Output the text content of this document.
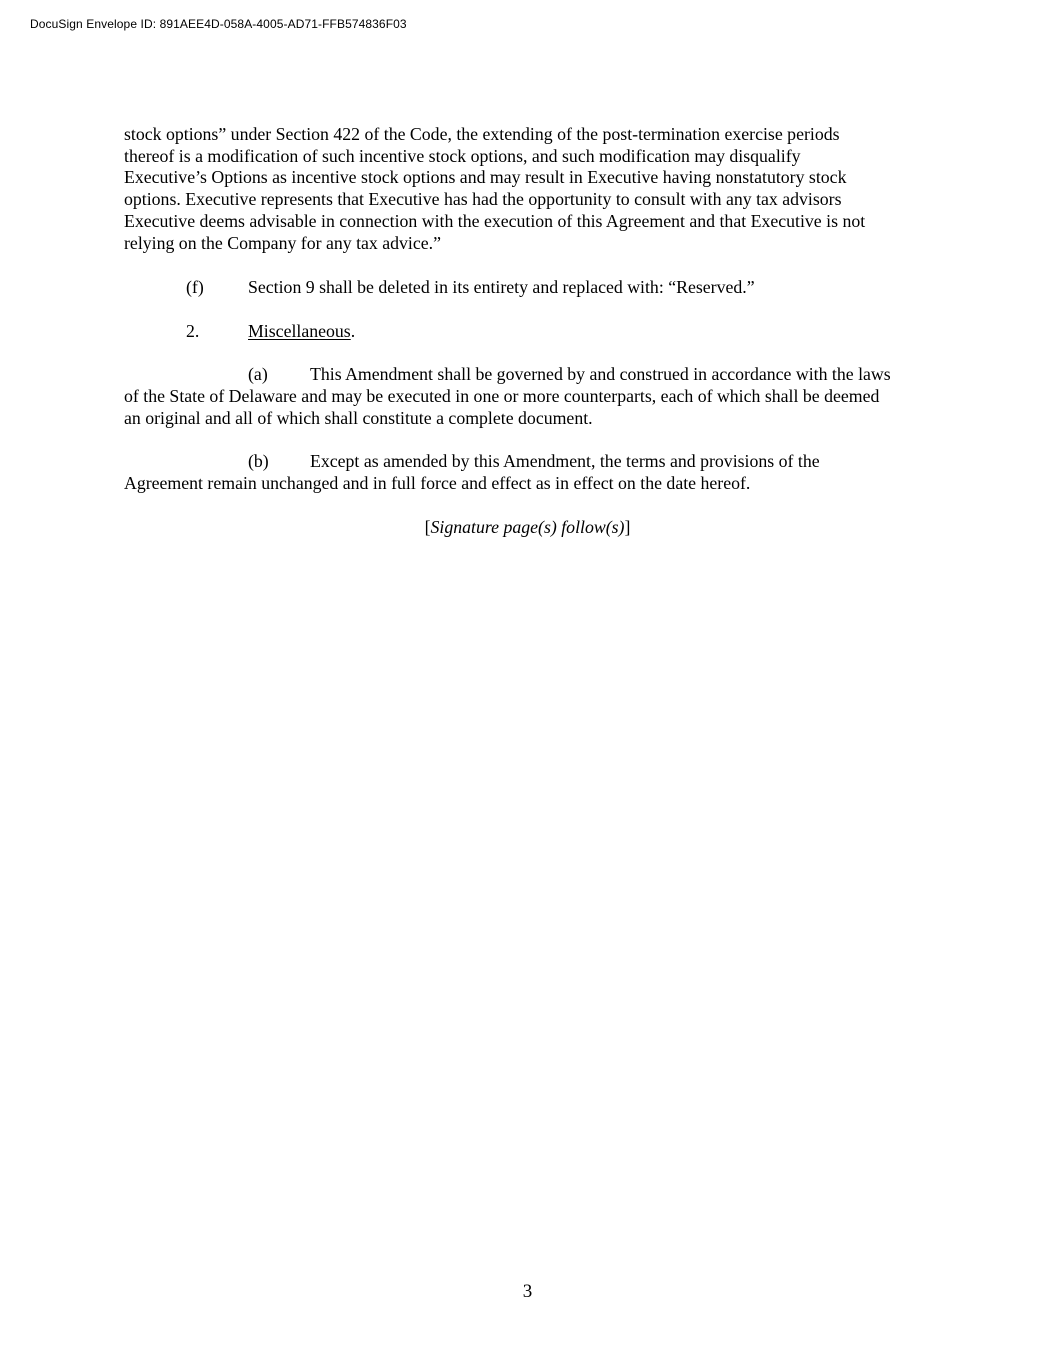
DocuSign Envelope ID: 891AEE4D-058A-4005-AD71-FFB574836F03
stock options” under Section 422 of the Code, the extending of the post-termination exercise periods
thereof is a modification of such incentive stock options, and such modification may disqualify
Executive’s Options as incentive stock options and may result in Executive having nonstatutory stock
options. Executive represents that Executive has had the opportunity to consult with any tax advisors
Executive deems advisable in connection with the execution of this Agreement and that Executive is not
relying on the Company for any tax advice.”
(f) Section 9 shall be deleted in its entirety and replaced with: “Reserved.”
2.	Miscellaneous.
(a) This Amendment shall be governed by and construed in accordance with the laws
of the State of Delaware and may be executed in one or more counterparts, each of which shall be deemed
an original and all of which shall constitute a complete document.
(b) Except as amended by this Amendment, the terms and provisions of the
Agreement remain unchanged and in full force and effect as in effect on the date hereof.
[Signature page(s) follow(s)]
3
